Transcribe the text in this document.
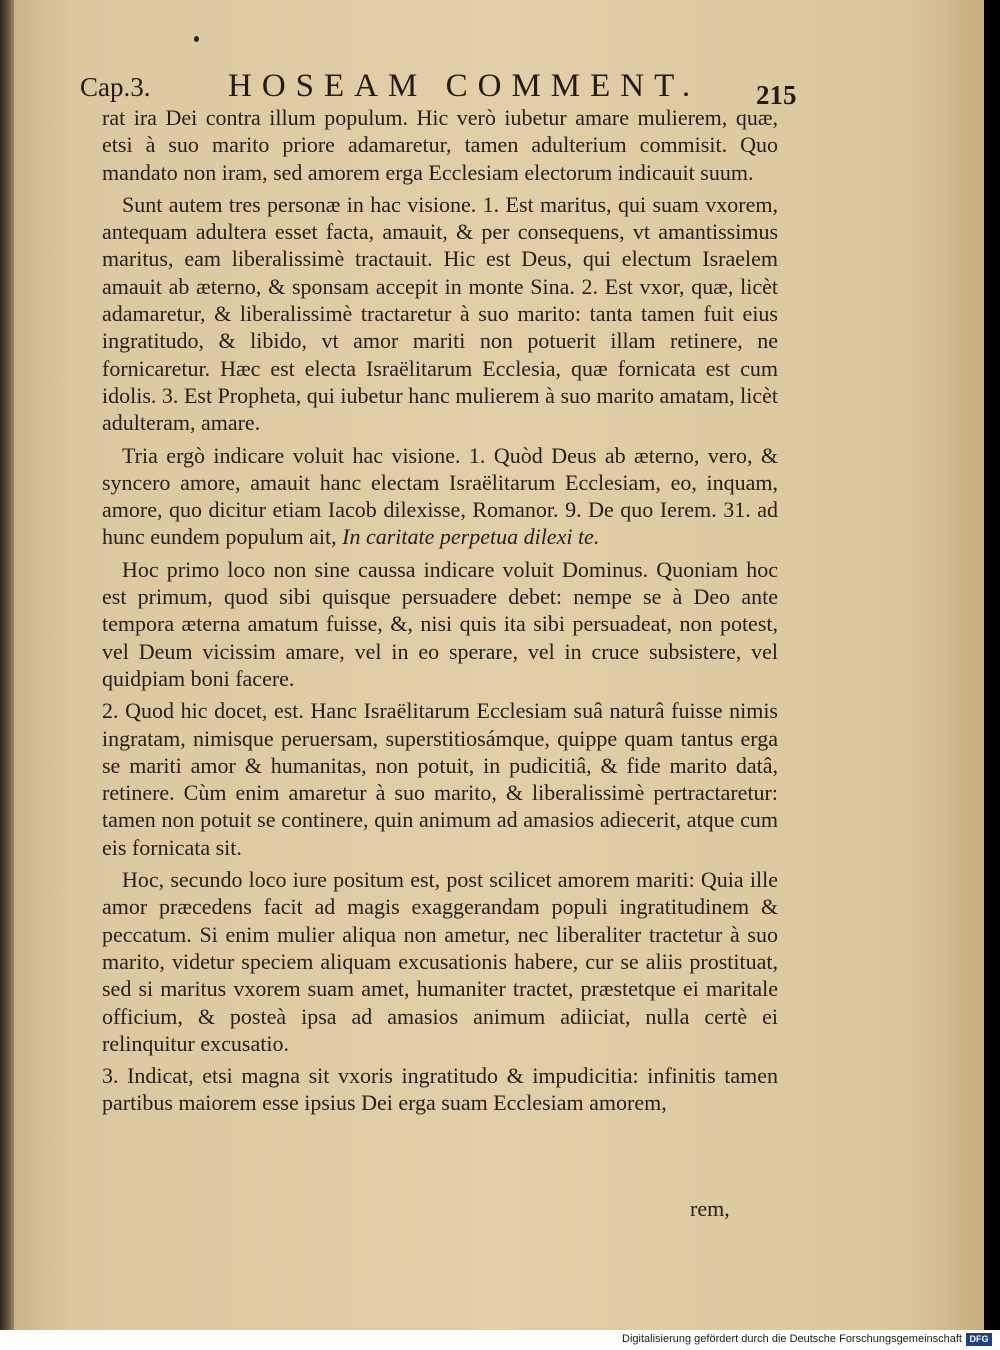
Cap.3. HOSEAM COMMENT. 215

rat ira Dei contra illum populum. Hic verò iubetur amare mulierem, quæ, etsi à suo marito priore adamaretur, tamen adulterium commisit. Quo mandato non iram, sed amorem erga Ecclesiam electorum indicauit suum.

Sunt autem tres personæ in hac visione. 1. Est maritus, qui suam vxorem, antequam adultera esset facta, amauit, & per consequens, vt amantissimus maritus, eam liberalissimè tractauit. Hic est Deus, qui electum Israelem amauit ab æterno, & sponsam accepit in monte Sina. 2. Est vxor, quæ, licèt adamaretur, & liberalissimè tractaretur à suo marito: tanta tamen fuit eius ingratitudo, & libido, vt amor mariti non potuerit illam retinere, ne fornicaretur. Hæc est electa Israëlitarum Ecclesia, quæ fornicata est cum idolis. 3. Est Propheta, qui iubetur hanc mulierem à suo marito amatam, licèt adulteram, amare.

Tria ergò indicare voluit hac visione. 1. Quòd Deus ab æterno, vero, & syncero amore, amauit hanc electam Israëlitarum Ecclesiam, eo, inquam, amore, quo dicitur etiam Iacob dilexisse, Romanor. 9. De quo Ierem. 31. ad hunc eundem populum ait, In caritate perpetua dilexi te.

Hoc primo loco non sine caussa indicare voluit Dominus. Quoniam hoc est primum, quod sibi quisque persuadere debet: nempe se à Deo ante tempora æterna amatum fuisse, &, nisi quis ita sibi persuadeat, non potest, vel Deum vicissim amare, vel in eo sperare, vel in cruce subsistere, vel quidpiam boni facere.

2. Quod hic docet, est. Hanc Israëlitarum Ecclesiam suâ naturâ fuisse nimis ingratam, nimisque peruersam, superstitiosámque, quippe quam tantus erga se mariti amor & humanitas, non potuit, in pudicitiâ, & fide marito datâ, retinere. Cùm enim amaretur à suo marito, & liberalissimè pertractaretur: tamen non potuit se continere, quin animum ad amasios adiecerit, atque cum eis fornicata sit.

Hoc, secundo loco iure positum est, post scilicet amorem mariti: Quia ille amor præcedens facit ad magis exaggerandam populi ingratitudinem & peccatum. Si enim mulier aliqua non ametur, nec liberaliter tractetur à suo marito, videtur speciem aliquam excusationis habere, cur se aliis prostituat, sed si maritus vxorem suam amet, humaniter tractet, præstetque ei maritale officium, & posteà ipsa ad amasios animum adiiciat, nulla certè ei relinquitur excusatio.

3. Indicat, etsi magna sit vxoris ingratitudo & impudicitia: infinitis tamen partibus maiorem esse ipsius Dei erga suam Ecclesiam amorem,

rem,
Digitalisierung gefördert durch die Deutsche Forschungsgemeinschaft DFG
